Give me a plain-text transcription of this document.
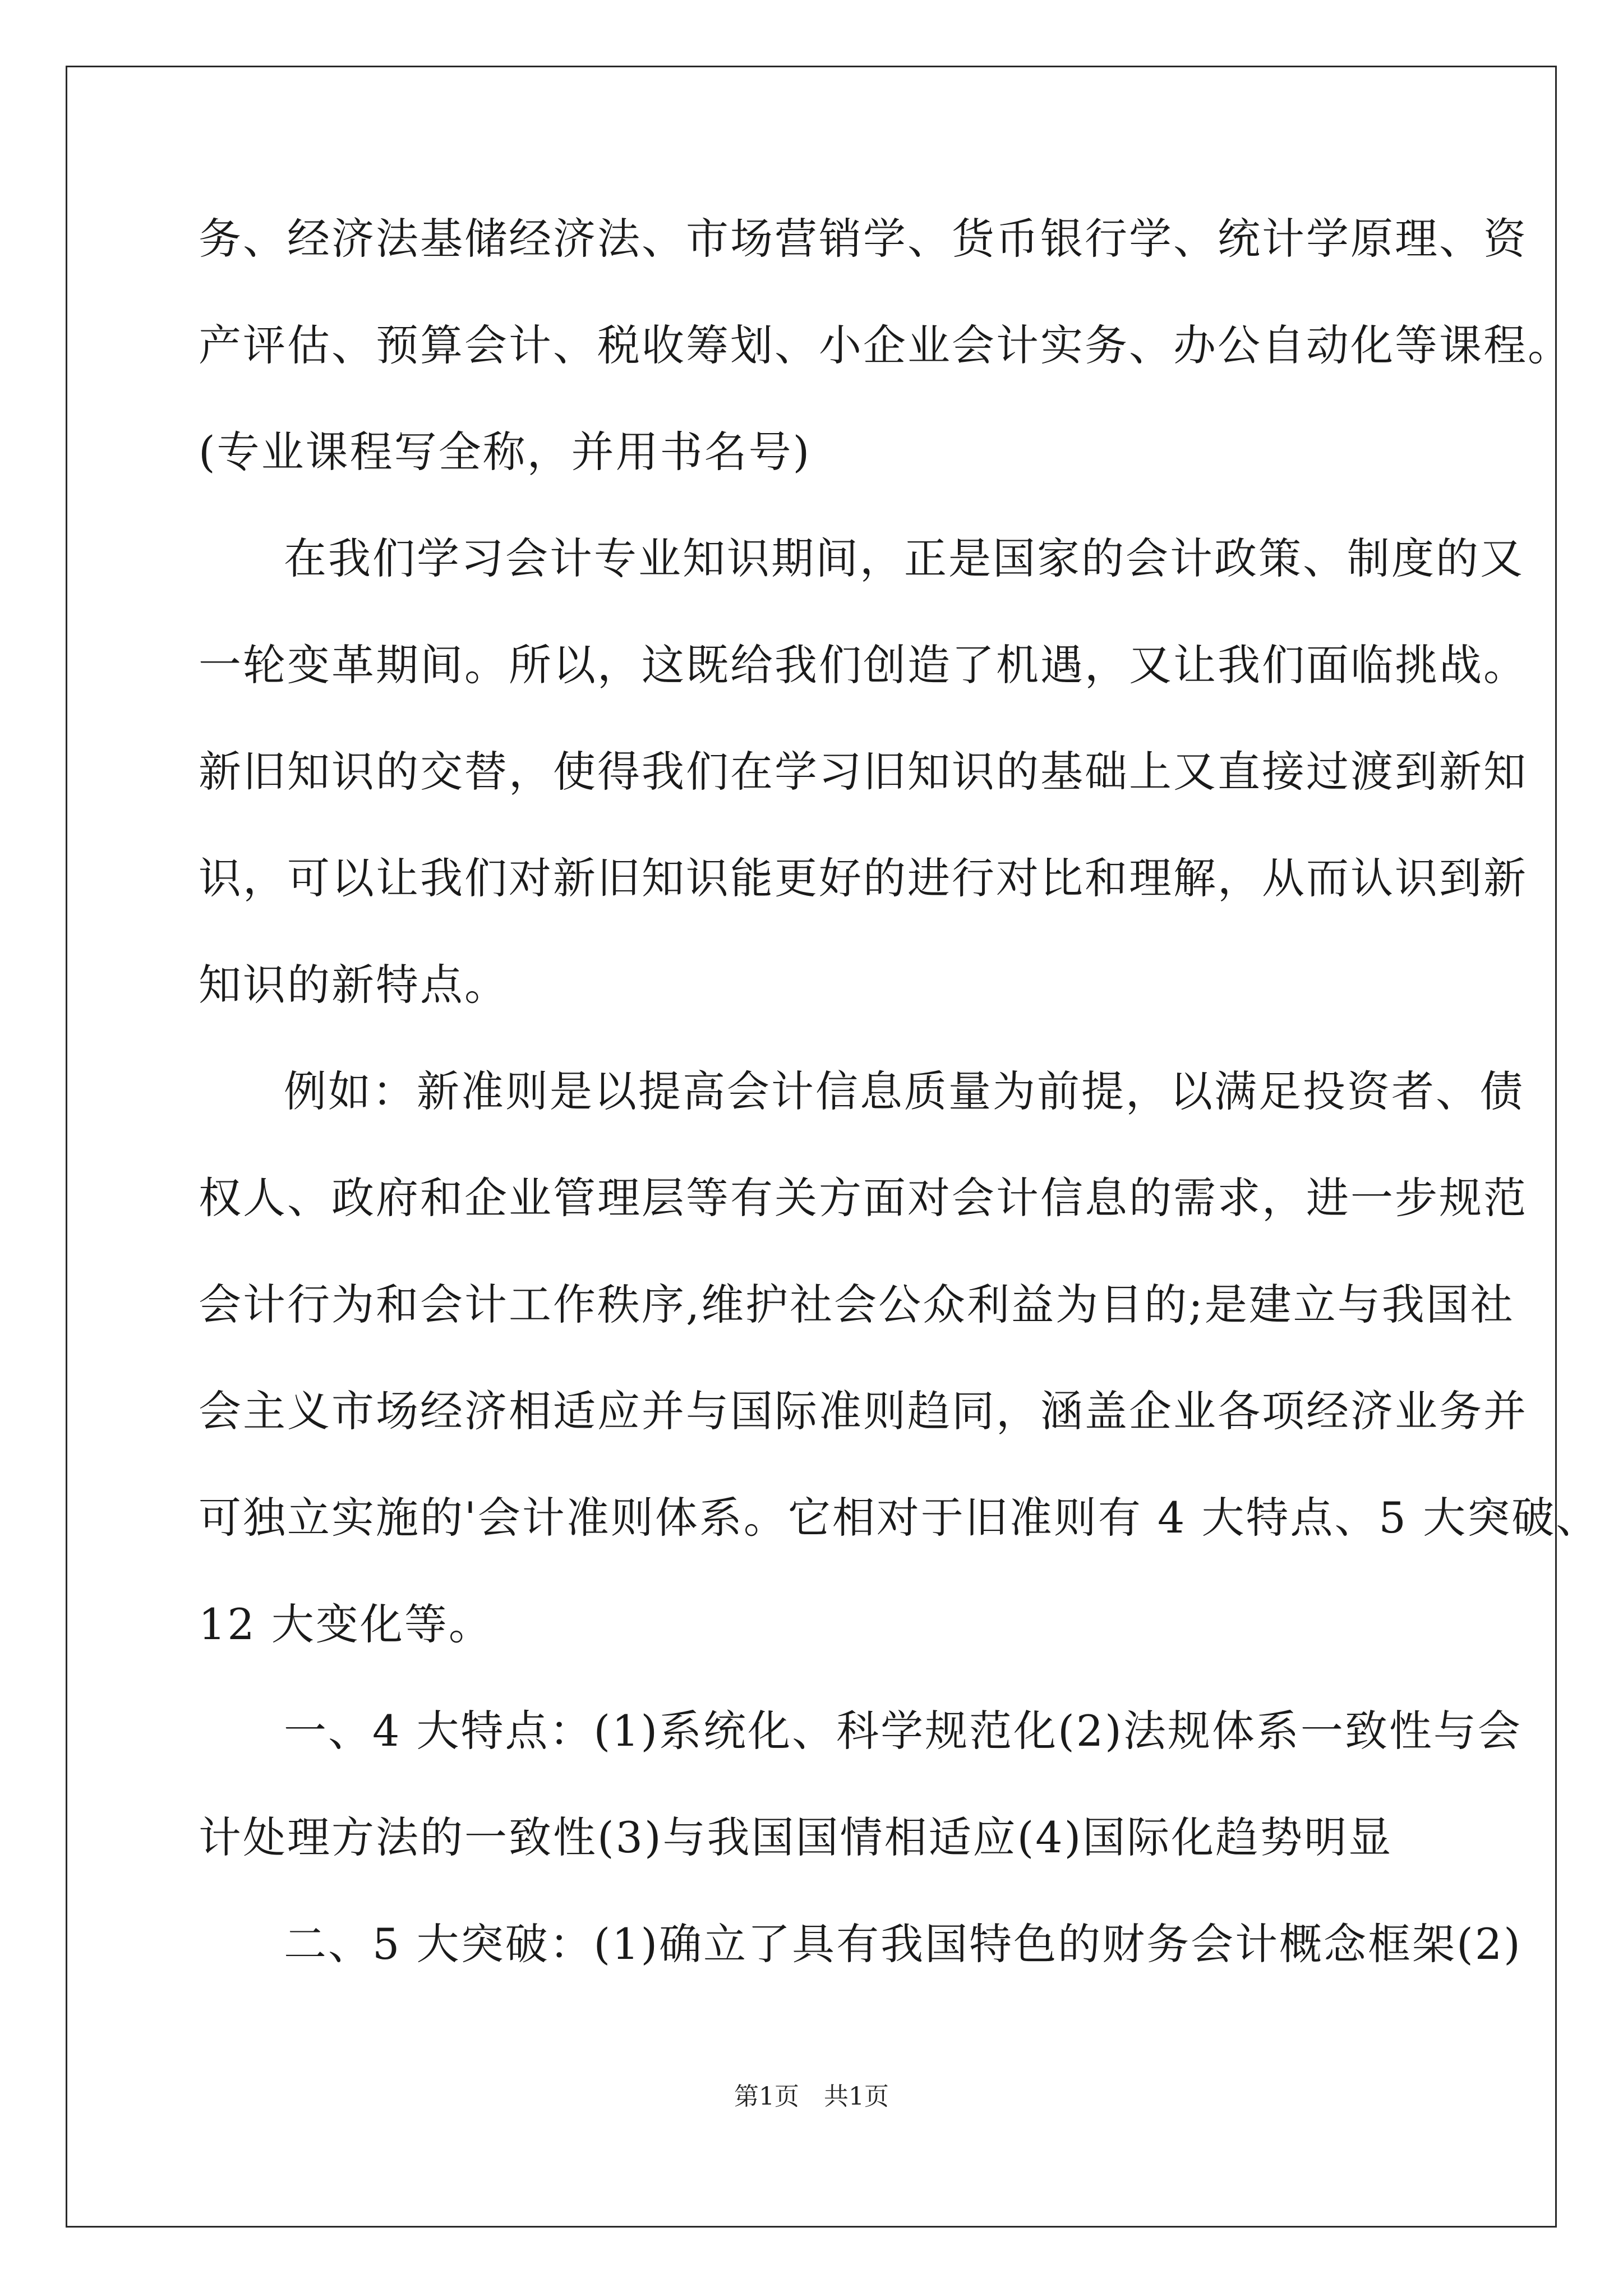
务、经济法基储经济法、市场营销学、货币银行学、统计学原理、资
产评估、预算会计、税收筹划、小企业会计实务、办公自动化等课程。
(专业课程写全称，并用书名号)
在我们学习会计专业知识期间，正是国家的会计政策、制度的又
一轮变革期间。所以，这既给我们创造了机遇，又让我们面临挑战。
新旧知识的交替，使得我们在学习旧知识的基础上又直接过渡到新知
识，可以让我们对新旧知识能更好的进行对比和理解，从而认识到新
知识的新特点。
例如：新准则是以提高会计信息质量为前提，以满足投资者、债
权人、政府和企业管理层等有关方面对会计信息的需求，进一步规范
会计行为和会计工作秩序,维护社会公众利益为目的;是建立与我国社
会主义市场经济相适应并与国际准则趋同，涵盖企业各项经济业务并
可独立实施的'会计准则体系。它相对于旧准则有 4 大特点、5 大突破、
12 大变化等。
一、4 大特点：(1)系统化、科学规范化(2)法规体系一致性与会
计处理方法的一致性(3)与我国国情相适应(4)国际化趋势明显
二、5 大突破：(1)确立了具有我国特色的财务会计概念框架(2)
第1页 共1页
